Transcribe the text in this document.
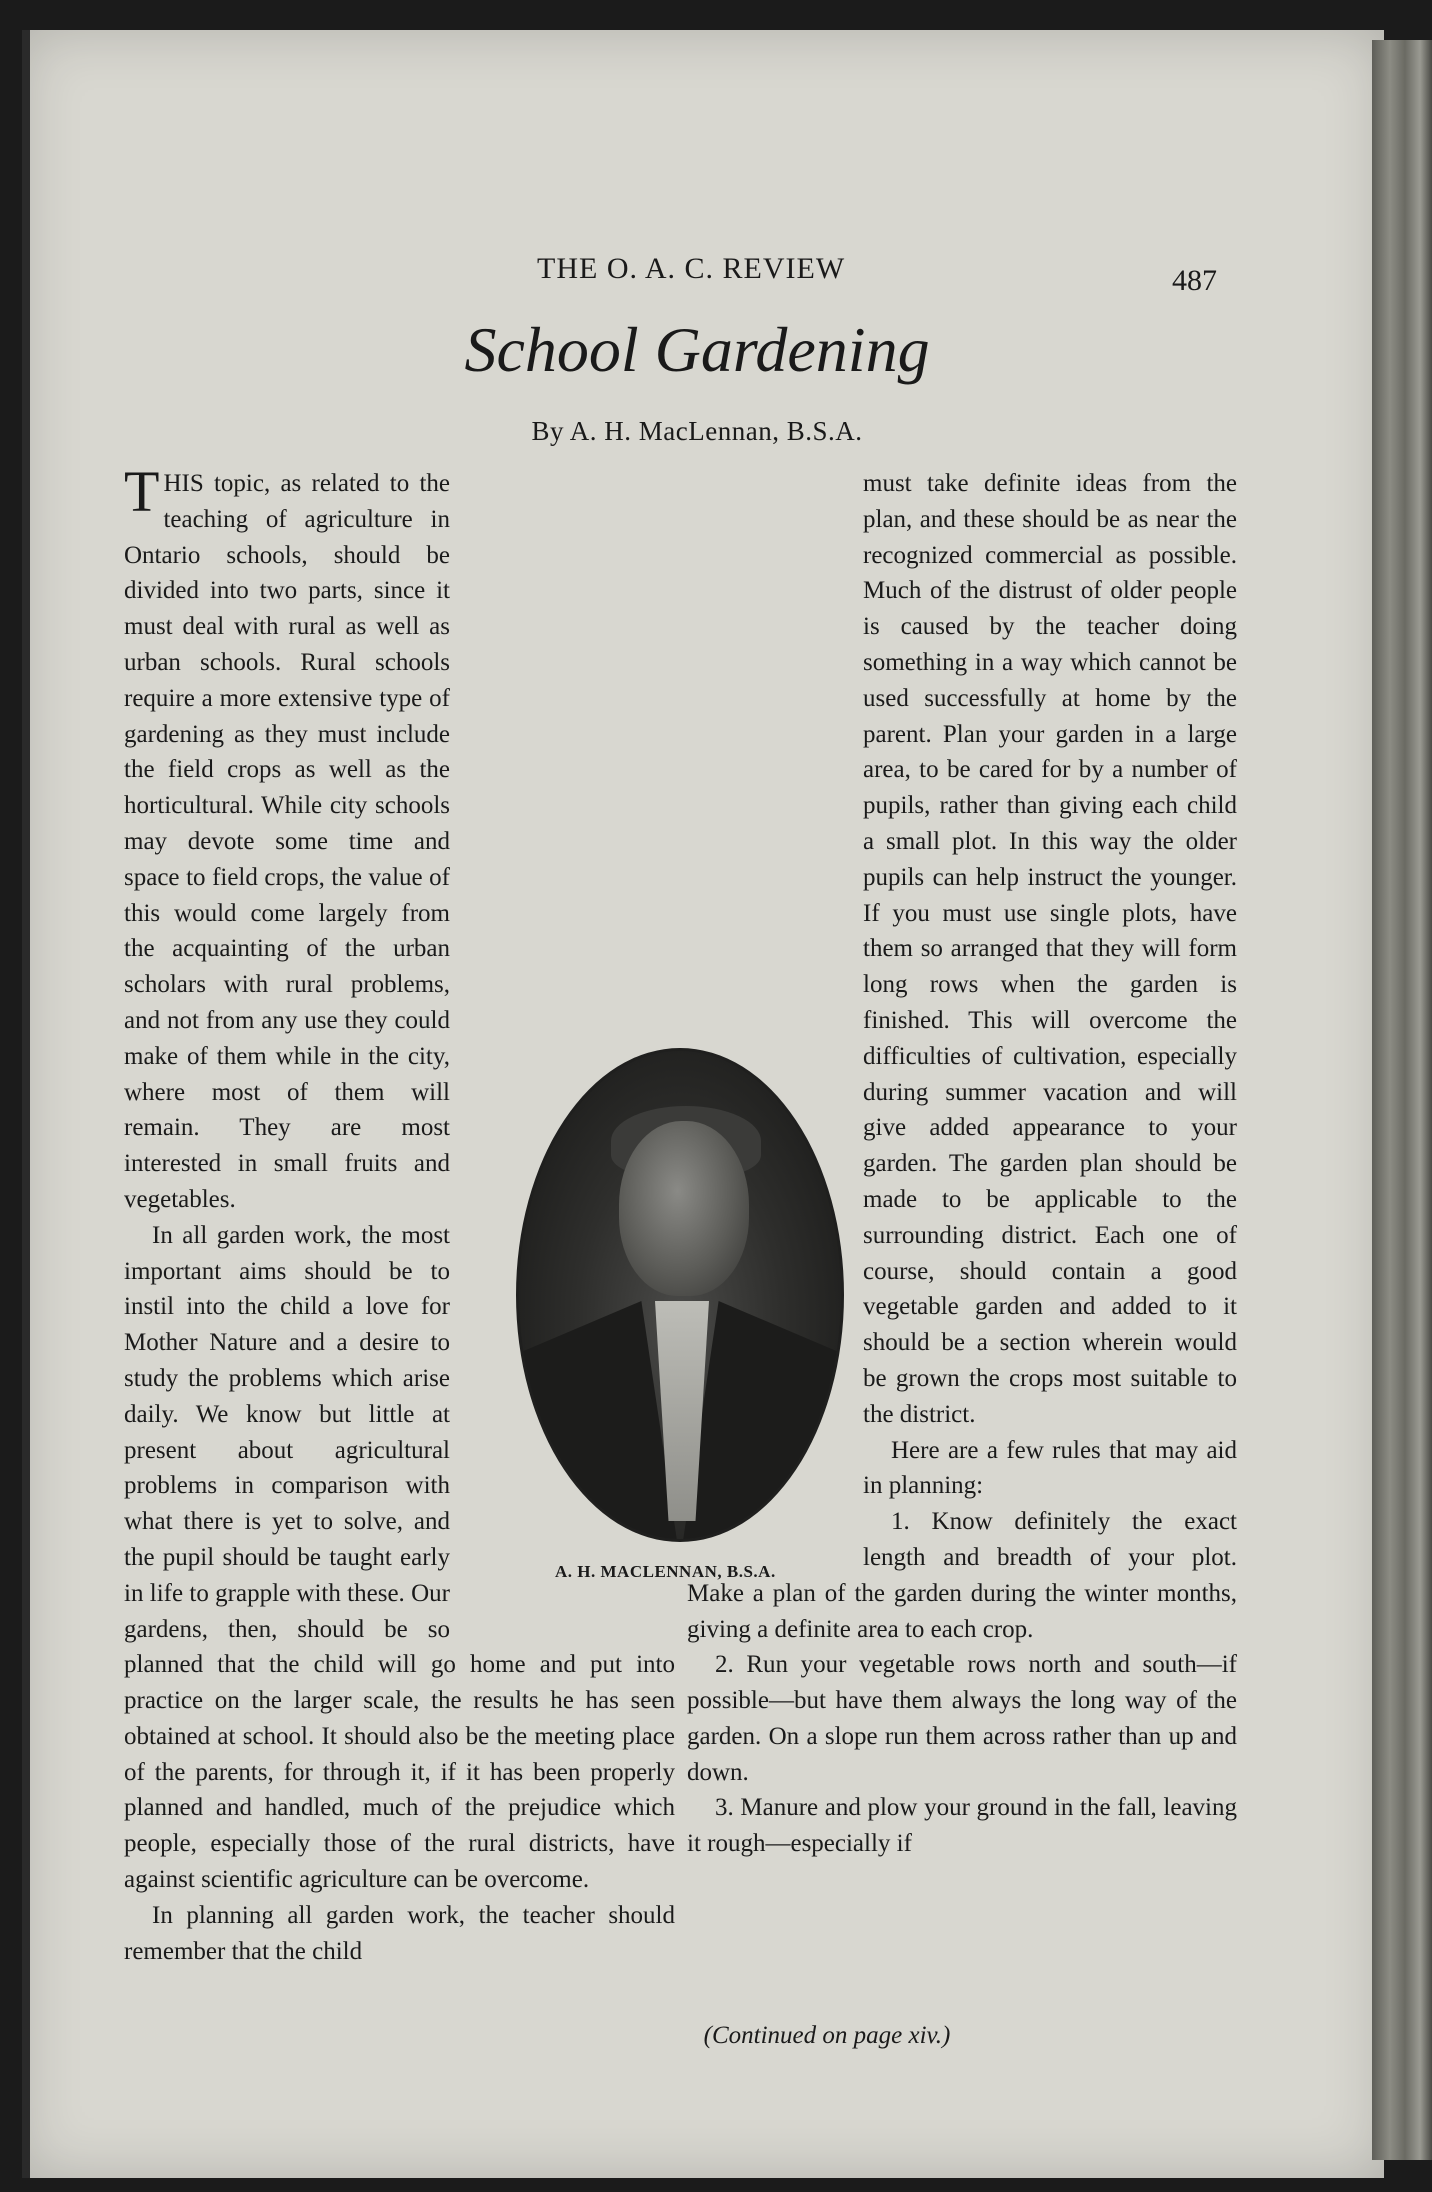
THE O. A. C. REVIEW	487
School Gardening
By A. H. MacLennan, B.S.A.

THIS topic, as related to the teaching of agriculture in Ontario schools, should be divided into two parts, since it must deal with rural as well as urban schools. Rural schools require a more extensive type of gardening as they must include the field crops as well as the horticultural. While city schools may devote some time and space to field crops, the value of this would come largely from the acquainting of the urban scholars with rural problems, and not from any use they could make of them while in the city, where most of them will remain. They are most interested in small fruits and vegetables.

In all garden work, the most important aims should be to instil into the child a love for Mother Nature and a desire to study the problems which arise daily. We know but little at present about agricultural problems in comparison with what there is yet to solve, and the pupil should be taught early in life to grapple with these. Our gardens, then, should be so planned that the child will go home and put into practice on the larger scale, the results he has seen obtained at school. It should also be the meeting place of the parents, for through it, if it has been properly planned and handled, much of the prejudice which people, especially those of the rural districts, have against scientific agriculture can be overcome.

In planning all garden work, the teacher should remember that the child

must take definite ideas from the plan, and these should be as near the recognized commercial as possible. Much of the distrust of older people is caused by the teacher doing something in a way which cannot be used successfully at home by the parent. Plan your garden in a large area, to be cared for by a number of pupils, rather than giving each child a small plot. In this way the older pupils can help instruct the younger. If you must use single plots, have them so arranged that they will form long rows when the garden is finished. This will overcome the difficulties of cultivation, especially during summer vacation and will give added appearance to your garden. The garden plan should be made to be applicable to the surrounding district. Each one of course, should contain a good vegetable garden and added to it should be a section wherein would be grown the crops most suitable to the district.

Here are a few rules that may aid in planning:

1. Know definitely the exact length and breadth of your plot. Make a plan of the garden during the winter months, giving a definite area to each crop.

2. Run your vegetable rows north and south—if possible—but have them always the long way of the garden. On a slope run them across rather than up and down.

3. Manure and plow your ground in the fall, leaving it rough—especially if

A. H. MACLENNAN, B.S.A.
(Continued on page xiv.)
